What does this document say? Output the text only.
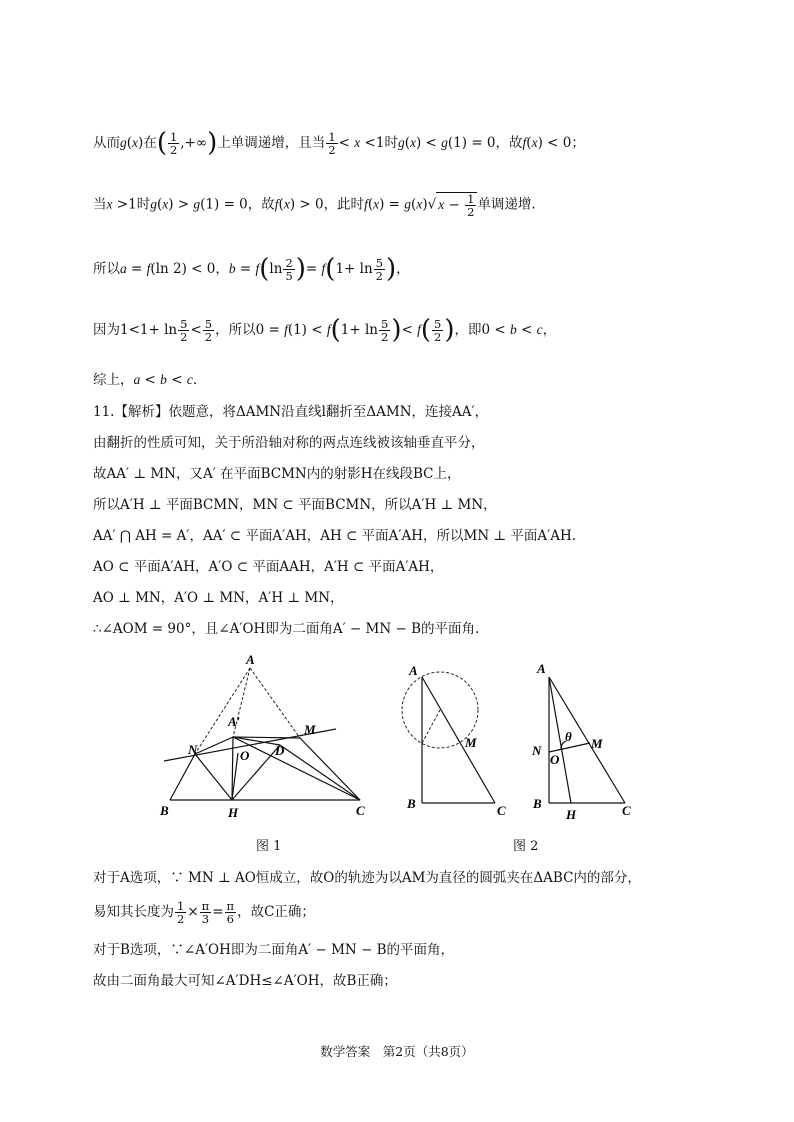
从而g(x)在( $\frac{1}{2}$ ,+∞)上单调递增，且当 $\frac{1}{2} < x <1$时g(x) < g(1) = 0，故f(x) < 0；
当x >1时g(x) > g(1) = 0，故f(x) > 0，此时f(x) = g(x)√ $x - \frac{1}{2}$ 单调递增.
所以a = f(ln 2) < 0，$b = f(\ln \frac{2}{5}$ )= $f(1+ \ln \frac{5}{2}$ )，
因为$1<1+ \ln \frac{5}{2} < \frac{5}{2}$ ，所以$0 = f(1) < f(1+ \ln \frac{5}{2}$ )< $f( \frac{5}{2}$ )，即0 < b < c，
综上，a < b < c.
11.【解析】依题意，将ΔAMN沿直线l翻折至ΔAMN，连接AA′，
由翻折的性质可知，关于所沿轴对称的两点连线被该轴垂直平分，
故AA′ ⊥ MN，又A′ 在平面BCMN内的射影H在线段BC上，
所以A′H ⊥ 平面BCMN，MN ⊂ 平面BCMN，所以A′H ⊥ MN，
AA′ ⋂ AH = A′，AA′ ⊂ 平面A′AH，AH ⊂ 平面A′AH，所以MN ⊥ 平面A′AH.
AO ⊂ 平面A′AH，A′O ⊂ 平面AAH，A′H ⊂ 平面A′AH，
AO ⊥ MN，A′O ⊥ MN，A′H ⊥ MN，
∴∠AOM = 90°，且∠A′OH即为二面角A′ − MN − B的平面角.
A
A′
N
M
O D
B	H	C
图 1
A
M
B	C
A
N
O
θ M
B
H	C
图 2
对于A选项，∵ MN ⊥ AO恒成立，故O的轨迹为以AM为直径的圆弧夹在ΔABC内的部分，
易知其长度为 $\frac{1}{2} \times \frac{\pi}{3} = \frac{\pi}{6}$ ，故C正确；
对于B选项，∵∠A′OH即为二面角A′ − MN − B的平面角，
故由二面角最大可知∠A′DH≤∠A′OH，故B正确；
数学答案　第2页（共8页）
